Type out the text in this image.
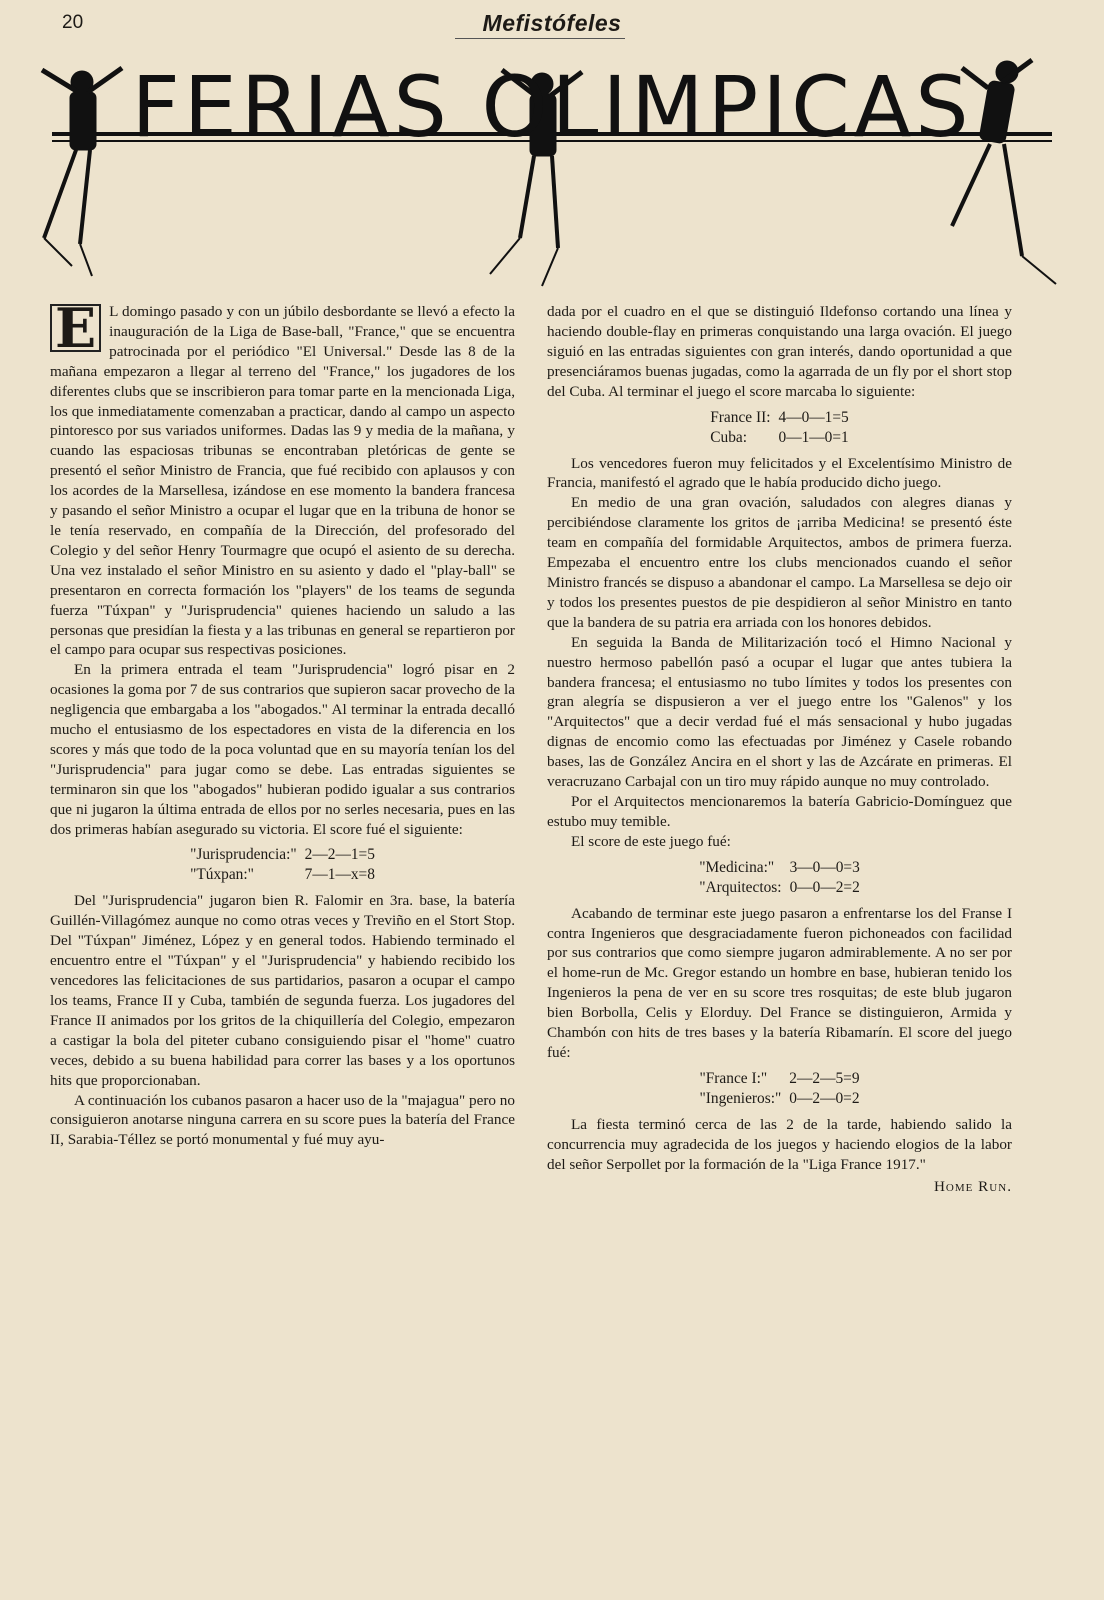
20	Mefistófeles
FERIAS OLIMPICAS

E L domingo pasado y con un júbilo desbordante se llevó a efecto la inauguración de la Liga de Base-ball, "France," que se encuentra patrocinada por el periódico "El Universal." Desde las 8 de la mañana empezaron a llegar al terreno del "France," los jugadores de los diferentes clubs que se inscribieron para tomar parte en la mencionada Liga, los que inmediatamente comenzaban a practicar, dando al campo un aspecto pintoresco por sus variados uniformes. Dadas las 9 y media de la mañana, y cuando las espaciosas tribunas se encontraban pletóricas de gente se presentó el señor Ministro de Francia, que fué recibido con aplausos y con los acordes de la Marsellesa, izándose en ese momento la bandera francesa y pasando el señor Ministro a ocupar el lugar que en la tribuna de honor se le tenía reservado, en compañía de la Dirección, del profesorado del Colegio y del señor Henry Tourmagre que ocupó el asiento de su derecha. Una vez instalado el señor Ministro en su asiento y dado el "play-ball" se presentaron en correcta formación los "players" de los teams de segunda fuerza "Túxpan" y "Jurisprudencia" quienes haciendo un saludo a las personas que presidían la fiesta y a las tribunas en general se repartieron por el campo para ocupar sus respectivas posiciones.

En la primera entrada el team "Jurisprudencia" logró pisar en 2 ocasiones la goma por 7 de sus contrarios que supieron sacar provecho de la negligencia que embargaba a los "abogados." Al terminar la entrada decalló mucho el entusiasmo de los espectadores en vista de la diferencia en los scores y más que todo de la poca voluntad que en su mayoría tenían los del "Jurisprudencia" para jugar como se debe. Las entradas siguientes se terminaron sin que los "abogados" hubieran podido igualar a sus contrarios que ni jugaron la última entrada de ellos por no serles necesaria, pues en las dos primeras habían asegurado su victoria. El score fué el siguiente:

"Jurisprudencia:"	2—2—1=5
"Túxpan:"	7—1—x=8

Del "Jurisprudencia" jugaron bien R. Falomir en 3ra. base, la batería Guillén-Villagómez aunque no como otras veces y Treviño en el Stort Stop. Del "Túxpan" Jiménez, López y en general todos. Habiendo terminado el encuentro entre el "Túxpan" y el "Jurisprudencia" y habiendo recibido los vencedores las felicitaciones de sus partidarios, pasaron a ocupar el campo los teams, France II y Cuba, también de segunda fuerza. Los jugadores del France II animados por los gritos de la chiquillería del Colegio, empezaron a castigar la bola del piteter cubano consiguiendo pisar el "home" cuatro veces, debido a su buena habilidad para correr las bases y a los oportunos hits que proporcionaban.

A continuación los cubanos pasaron a hacer uso de la "majagua" pero no consiguieron anotarse ninguna carrera en su score pues la batería del France II, Sarabia-Téllez se portó monumental y fué muy ayu-

dada por el cuadro en el que se distinguió Ildefonso cortando una línea y haciendo double-flay en primeras conquistando una larga ovación. El juego siguió en las entradas siguientes con gran interés, dando oportunidad a que presenciáramos buenas jugadas, como la agarrada de un fly por el short stop del Cuba. Al terminar el juego el score marcaba lo siguiente:

France II:	4—0—1=5
Cuba:	0—1—0=1

Los vencedores fueron muy felicitados y el Excelentísimo Ministro de Francia, manifestó el agrado que le había producido dicho juego.

En medio de una gran ovación, saludados con alegres dianas y percibiéndose claramente los gritos de ¡arriba Medicina! se presentó éste team en compañía del formidable Arquitectos, ambos de primera fuerza. Empezaba el encuentro entre los clubs mencionados cuando el señor Ministro francés se dispuso a abandonar el campo. La Marsellesa se dejo oir y todos los presentes puestos de pie despidieron al señor Ministro en tanto que la bandera de su patria era arriada con los honores debidos.

En seguida la Banda de Militarización tocó el Himno Nacional y nuestro hermoso pabellón pasó a ocupar el lugar que antes tubiera la bandera francesa; el entusiasmo no tubo límites y todos los presentes con gran alegría se dispusieron a ver el juego entre los "Galenos" y los "Arquitectos" que a decir verdad fué el más sensacional y hubo jugadas dignas de encomio como las efectuadas por Jiménez y Casele robando bases, las de González Ancira en el short y las de Azcárate en primeras. El veracruzano Carbajal con un tiro muy rápido aunque no muy controlado.

Por el Arquitectos mencionaremos la batería Gabricio-Domínguez que estubo muy temible.

El score de este juego fué:

"Medicina:"	3—0—0=3
"Arquitectos:	0—0—2=2

Acabando de terminar este juego pasaron a enfrentarse los del Franse I contra Ingenieros que desgraciadamente fueron pichoneados con facilidad por sus contrarios que como siempre jugaron admirablemente. A no ser por el home-run de Mc. Gregor estando un hombre en base, hubieran tenido los Ingenieros la pena de ver en su score tres rosquitas; de este blub jugaron bien Borbolla, Celis y Elorduy. Del France se distinguieron, Armida y Chambón con hits de tres bases y la batería Ribamarín. El score del juego fué:

"France I:"	2—2—5=9
"Ingenieros:"	0—2—0=2

La fiesta terminó cerca de las 2 de la tarde, habiendo salido la concurrencia muy agradecida de los juegos y haciendo elogios de la labor del señor Serpollet por la formación de la "Liga France 1917."

Home Run.
